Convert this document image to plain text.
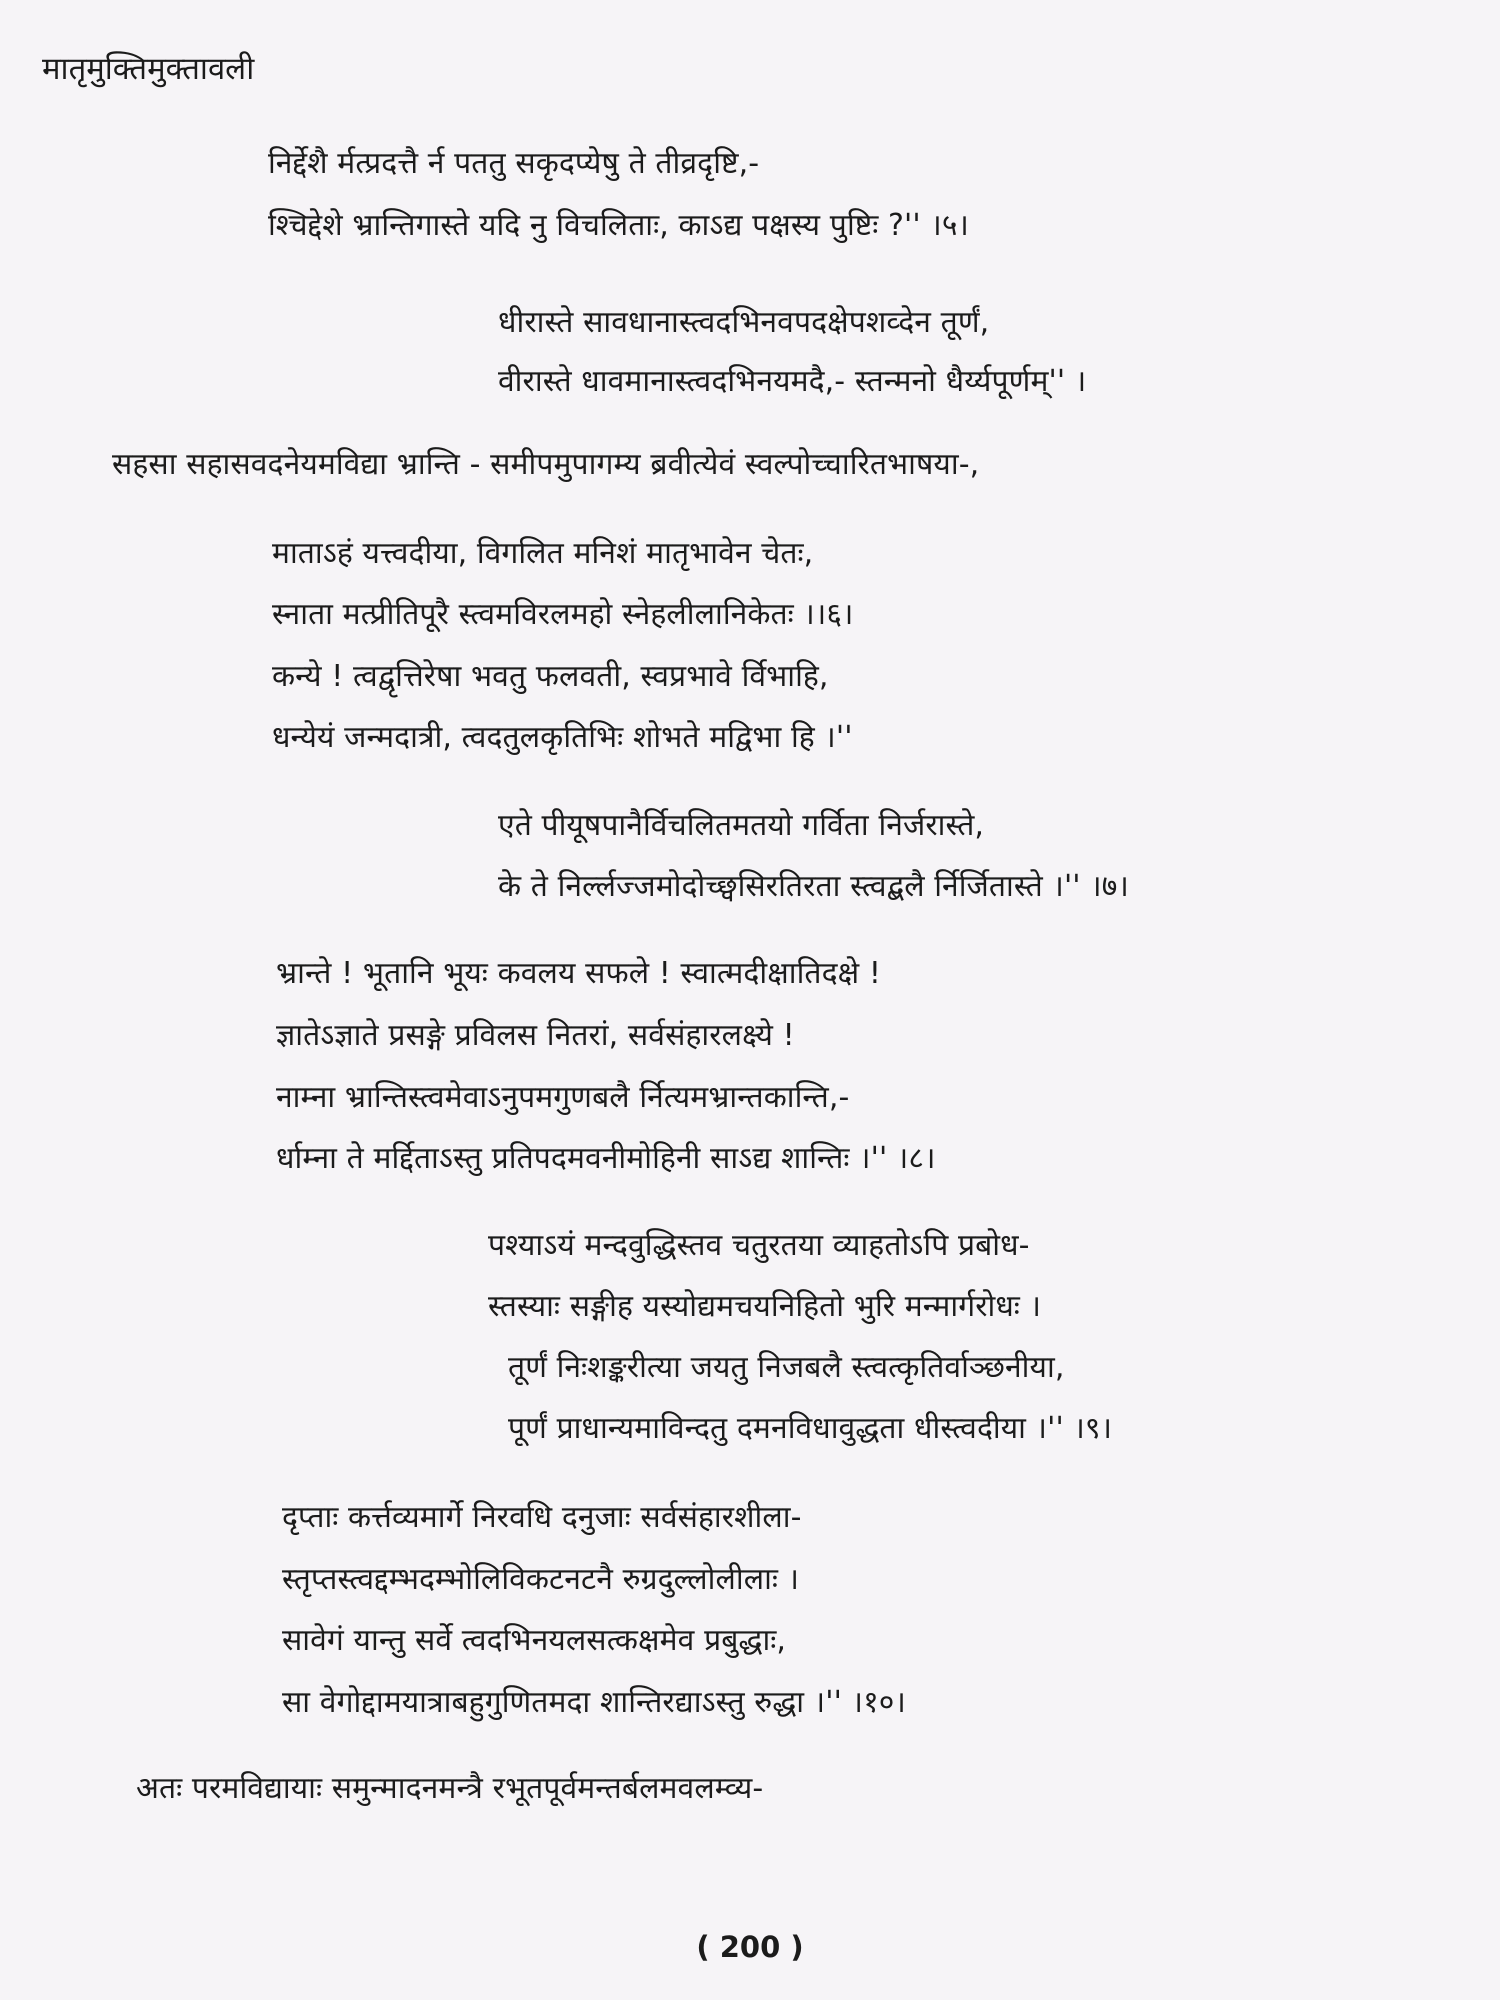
मातृमुक्तिमुक्तावली
निर्द्देशै र्मत्प्रदत्तै र्न पततु सकृदप्येषु ते तीव्रदृष्टि,-
श्चिद्देशे भ्रान्तिगास्ते यदि नु विचलिताः, काऽद्य पक्षस्य पुष्टिः ?'' ।५।
धीरास्ते सावधानास्त्वदभिनवपदक्षेपशव्देन तूर्णं,
वीरास्ते धावमानास्त्वदभिनयमदै,- स्तन्मनो धैर्य्यपूर्णम्'' ।
सहसा सहासवदनेयमविद्या भ्रान्ति - समीपमुपागम्य ब्रवीत्येवं स्वल्पोच्चारितभाषया-,
माताऽहं यत्त्वदीया, विगलित मनिशं मातृभावेन चेतः,
स्नाता मत्प्रीतिपूरै स्त्वमविरलमहो स्नेहलीलानिकेतः ।।६।
कन्ये ! त्वद्वृत्तिरेषा भवतु फलवती, स्वप्रभावे र्विभाहि,
धन्येयं जन्मदात्री, त्वदतुलकृतिभिः शोभते मद्विभा हि ।''
एते पीयूषपानैर्विचलितमतयो गर्विता निर्जरास्ते,
के ते निर्ल्लज्जमोदोच्छ्वसिरतिरता स्त्वद्बलै र्निर्जितास्ते ।'' ।७।
भ्रान्ते ! भूतानि भूयः कवलय सफले ! स्वात्मदीक्षातिदक्षे !
ज्ञातेऽज्ञाते प्रसङ्गे प्रविलस नितरां, सर्वसंहारलक्ष्ये !
नाम्ना भ्रान्तिस्त्वमेवाऽनुपमगुणबलै र्नित्यमभ्रान्तकान्ति,-
र्धाम्ना ते मर्द्दिताऽस्तु प्रतिपदमवनीमोहिनी साऽद्य शान्तिः ।'' ।८।
पश्याऽयं मन्दवुद्धिस्तव चतुरतया व्याहतोऽपि प्रबोध-
स्तस्याः सङ्गीह यस्योद्यमचयनिहितो भुरि मन्मार्गरोधः ।
तूर्णं निःशङ्करीत्या जयतु निजबलै स्त्वत्कृतिर्वाञ्छनीया,
पूर्णं प्राधान्यमाविन्दतु दमनविधावुद्धता धीस्त्वदीया ।'' ।९।
दृप्ताः कर्त्तव्यमार्गे निरवधि दनुजाः सर्वसंहारशीला-
स्तृप्तस्त्वद्दम्भदम्भोलिविकटनटनै रुग्रदुल्लोलीलाः ।
सावेगं यान्तु सर्वे त्वदभिनयलसत्कक्षमेव प्रबुद्धाः,
सा वेगोद्दामयात्राबहुगुणितमदा शान्तिरद्याऽस्तु रुद्धा ।'' ।१०।
अतः परमविद्यायाः समुन्मादनमन्त्रै रभूतपूर्वमन्तर्बलमवलम्व्य-
( 200 )
